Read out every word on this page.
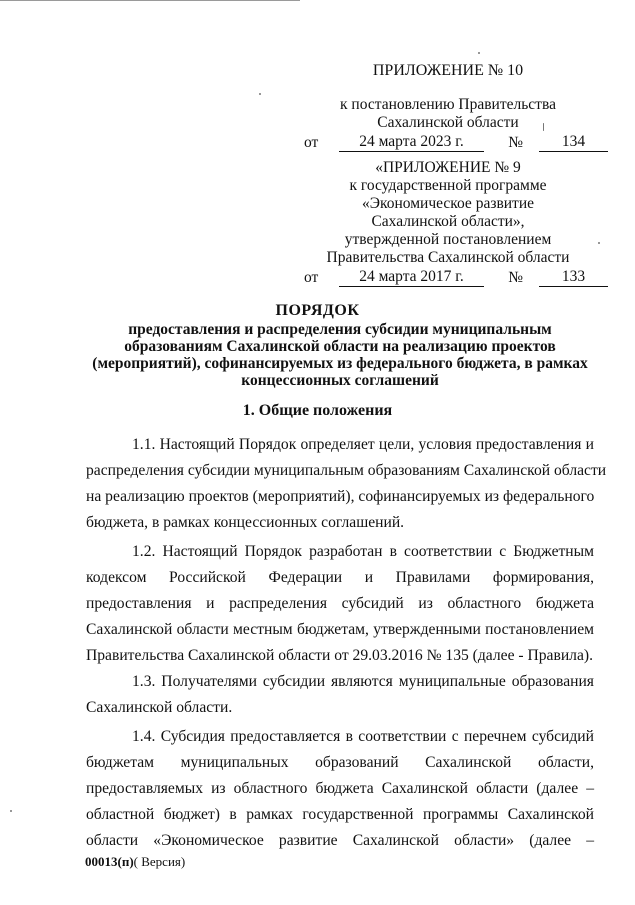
ПРИЛОЖЕНИЕ № 10
к постановлению Правительства
Сахалинской области
от	24 марта 2023 г.	№	134
«ПРИЛОЖЕНИЕ № 9
к государственной программе
«Экономическое развитие
Сахалинской области»,
утвержденной постановлением
Правительства Сахалинской области
от	24 марта 2017 г.	№	133
ПОРЯДОК
предоставления и распределения субсидии муниципальным
образованиям Сахалинской области на реализацию проектов
(мероприятий), софинансируемых из федерального бюджета, в рамках
концессионных соглашений
1. Общие положения
1.1. Настоящий Порядок определяет цели, условия предоставления и
распределения субсидии муниципальным образованиям Сахалинской области
на реализацию проектов (мероприятий), софинансируемых из федерального
бюджета, в рамках концессионных соглашений.
1.2. Настоящий Порядок разработан в соответствии с Бюджетным
кодексом Российской Федерации и Правилами формирования,
предоставления и распределения субсидий из областного бюджета
Сахалинской области местным бюджетам, утвержденными постановлением
Правительства Сахалинской области от 29.03.2016 № 135 (далее - Правила).
1.3. Получателями субсидии являются муниципальные образования
Сахалинской области.
1.4. Субсидия предоставляется в соответствии с перечнем субсидий
бюджетам муниципальных образований Сахалинской области,
предоставляемых из областного бюджета Сахалинской области (далее –
областной бюджет) в рамках государственной программы Сахалинской
области «Экономическое развитие Сахалинской области» (далее –
00013(п)( Версия)
